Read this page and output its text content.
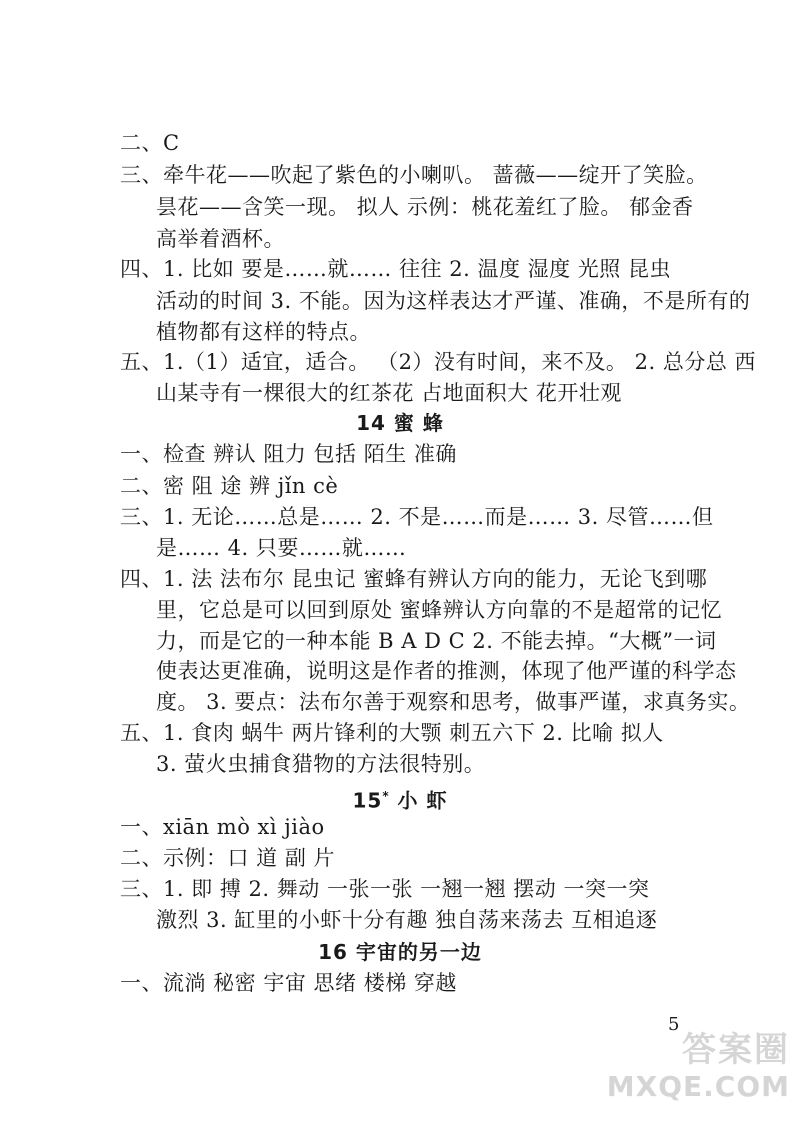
二、C
三、牵牛花——吹起了紫色的小喇叭。 蔷薇——绽开了笑脸。
昙花——含笑一现。 拟人 示例：桃花羞红了脸。 郁金香
高举着酒杯。
四、1. 比如 要是……就…… 往往 2. 温度 湿度 光照 昆虫
活动的时间 3. 不能。因为这样表达才严谨、准确，不是所有的
植物都有这样的特点。
五、1.（1）适宜，适合。 （2）没有时间，来不及。 2. 总分总 西
山某寺有一棵很大的红茶花 占地面积大 花开壮观
14 蜜 蜂
一、检查 辨认 阻力 包括 陌生 准确
二、密 阻 途 辨 jǐn cè
三、1. 无论……总是…… 2. 不是……而是…… 3. 尽管……但
是…… 4. 只要……就……
四、1. 法 法布尔 昆虫记 蜜蜂有辨认方向的能力，无论飞到哪
里，它总是可以回到原处 蜜蜂辨认方向靠的不是超常的记忆
力，而是它的一种本能 B A D C 2. 不能去掉。“大概”一词
使表达更准确，说明这是作者的推测，体现了他严谨的科学态
度。 3. 要点：法布尔善于观察和思考，做事严谨，求真务实。
五、1. 食肉 蜗牛 两片锋利的大颚 刺五六下 2. 比喻 拟人
3. 萤火虫捕食猎物的方法很特别。
15* 小 虾
一、xiān mò xì jiào
二、示例：口 道 副 片
三、1. 即 搏 2. 舞动 一张一张 一翘一翘 摆动 一突一突
激烈 3. 缸里的小虾十分有趣 独自荡来荡去 互相追逐
16 宇宙的另一边
一、流淌 秘密 宇宙 思绪 楼梯 穿越
5
答案圈
MXQE.COM
